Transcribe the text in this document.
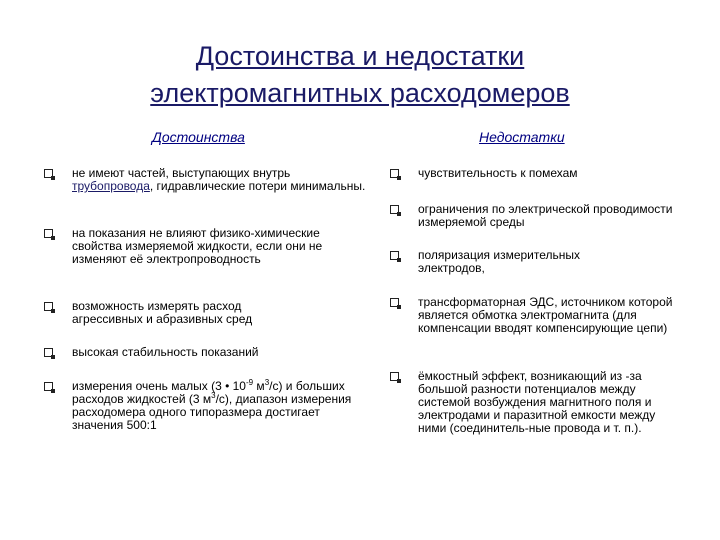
Достоинства и недостатки
электромагнитных расходомеров
Достоинства	Недостатки
не имеют частей, выступающих внутрь трубопровода, гидравлические потери минимальны.
на показания не влияют физико-химические свойства измеряемой жидкости, если они не изменяют её электропроводность
возможность измерять расход агрессивных и абразивных сред
высокая стабильность показаний
измерения очень малых (3 • $10^{-9}$ $м^3/с$) и больших расходов жидкостей (3 $м^3/с$), диапазон измерения расходомера одного типоразмера достигает значения 500:1
чувствительность к помехам
ограничения по электрической проводимости измеряемой среды
поляризация измерительных электродов,
трансформаторная ЭДС, источником которой является обмотка электромагнита (для компенсации вводят компенсирующие цепи)
ёмкостный эффект, возникающий из -за большой разности потенциалов между системой возбуждения магнитного поля и электродами и паразитной емкости между ними (соединитель-ные провода и т. п.).
